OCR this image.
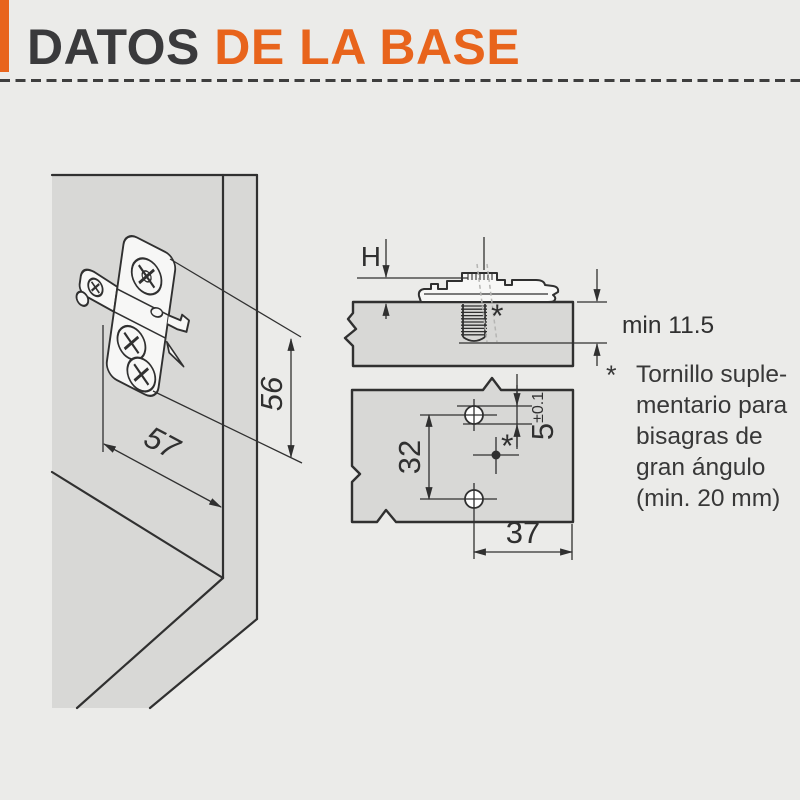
DATOS DE LA BASE
57
56
H
min 11.5
*
32
$5^{\pm 0.1}$
37
*
* Tornillo suple-
mentario para
bisagras de
gran ángulo
(min. 20 mm)
